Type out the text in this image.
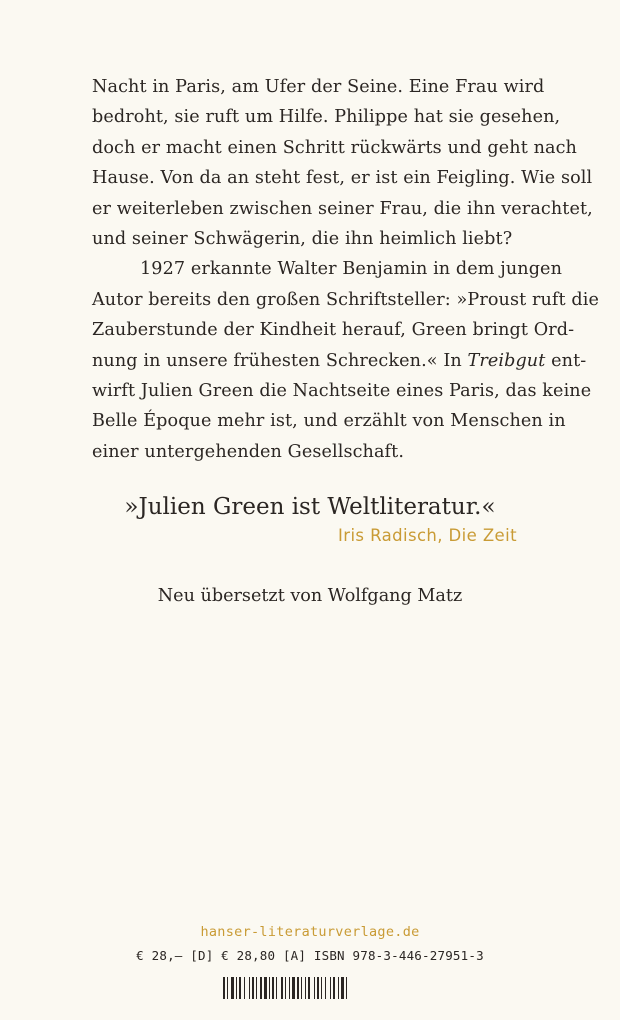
Nacht in Paris, am Ufer der Seine. Eine Frau wird
bedroht, sie ruft um Hilfe. Philippe hat sie gesehen,
doch er macht einen Schritt rückwärts und geht nach
Hause. Von da an steht fest, er ist ein Feigling. Wie soll
er weiterleben zwischen seiner Frau, die ihn verachtet,
und seiner Schwägerin, die ihn heimlich liebt?

1927 erkannte Walter Benjamin in dem jungen
Autor bereits den großen Schriftsteller: »Proust ruft die
Zauberstunde der Kindheit herauf, Green bringt Ord-
nung in unsere frühesten Schrecken.« In Treibgut ent-
wirft Julien Green die Nachtseite eines Paris, das keine
Belle Époque mehr ist, und erzählt von Menschen in
einer untergehenden Gesellschaft.

»Julien Green ist Weltliteratur.«
Iris Radisch, Die Zeit
Neu übersetzt von Wolfgang Matz
hanser-literaturverlage.de
€ 28,– [D] € 28,80 [A] ISBN 978-3-446-27951-3
